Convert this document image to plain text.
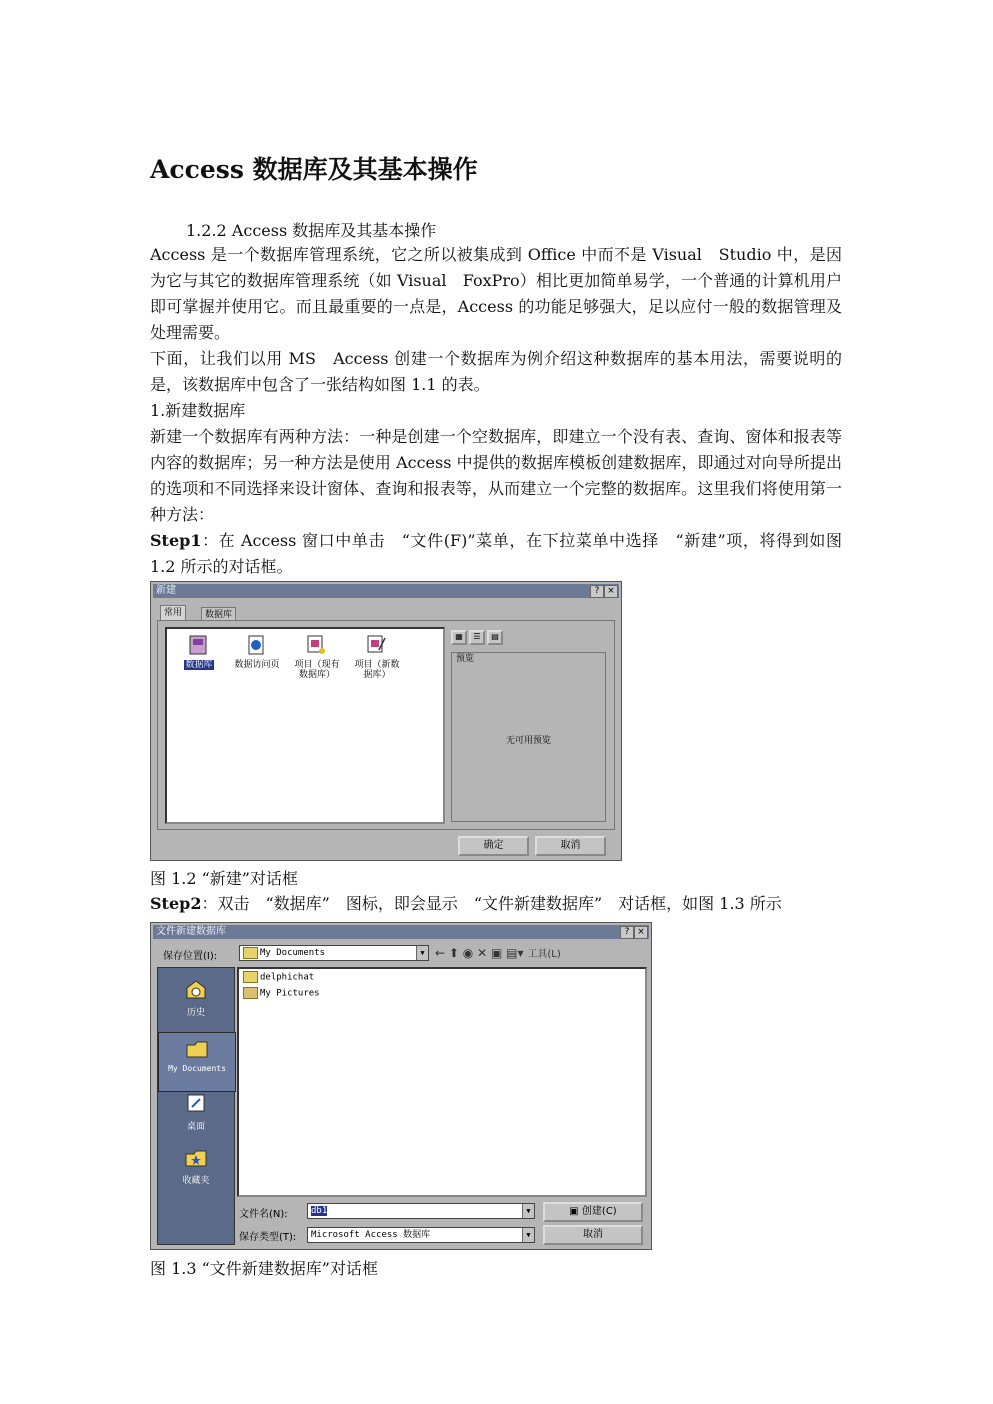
Access 数据库及其基本操作
1.2.2 Access 数据库及其基本操作
Access 是一个数据库管理系统，它之所以被集成到 Office 中而不是 Visual　Studio 中，是因为它与其它的数据库管理系统（如 Visual　FoxPro）相比更加简单易学，一个普通的计算机用户即可掌握并使用它。而且最重要的一点是，Access 的功能足够强大，足以应付一般的数据管理及处理需要。
下面，让我们以用 MS　Access 创建一个数据库为例介绍这种数据库的基本用法，需要说明的是，该数据库中包含了一张结构如图 1.1 的表。
1.新建数据库
新建一个数据库有两种方法：一种是创建一个空数据库，即建立一个没有表、查询、窗体和报表等内容的数据库；另一种方法是使用 Access 中提供的数据库模板创建数据库，即通过对向导所提出的选项和不同选择来设计窗体、查询和报表等，从而建立一个完整的数据库。这里我们将使用第一种方法：
Step1：在 Access 窗口中单击　“文件(F)”菜单，在下拉菜单中选择　“新建”项，将得到如图 1.2 所示的对话框。
新建	? ×
常用	数据库
数据库	数据访问页	项目（现有数据库）
项目（新数据库）
▦	☰	▤
预览
无可用预览
确定	取消
图 1.2 “新建”对话框
Step2：双击　“数据库”　图标，即会显示　“文件新建数据库”　对话框，如图 1.3 所示
文件新建数据库	? ×
保存位置(I):	My Documents	▼ ← ⬆ ◉ ✕ ▣ ▤▾ 工具(L)
历史
My Documents
桌面
收藏夹
delphichat
My Pictures
文件名(N):	db1	▼
保存类型(T):	Microsoft Access 数据库	▼
▣ 创建(C)
取消
图 1.3 “文件新建数据库”对话框
